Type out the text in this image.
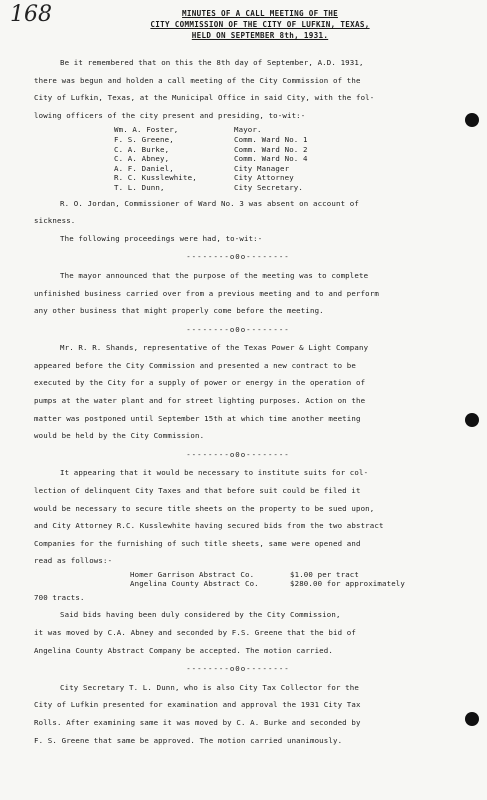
168	MINUTES OF A CALL MEETING OF THE
CITY COMMISSION OF THE CITY OF LUFKIN, TEXAS,
HELD ON SEPTEMBER 8th, 1931.

Be it remembered that on this the 8th day of September, A.D. 1931,

there was begun and holden a call meeting of the City Commission of the

City of Lufkin, Texas, at the Municipal Office in said City, with the fol-

lowing officers of the city present and presiding, to-wit:-

Wm. A. Foster,	Mayor.
F. S. Greene,	Comm. Ward No. 1
C. A. Burke,	Comm. Ward No. 2
C. A. Abney,	Comm. Ward No. 4
A. F. Daniel,	City Manager
R. C. Kusslewhite,	City Attorney
T. L. Dunn,	City Secretary.

R. O. Jordan, Commissioner of Ward No. 3 was absent on account of

sickness.

The following proceedings were had, to-wit:-

--------o0o--------

The mayor announced that the purpose of the meeting was to complete

unfinished business carried over from a previous meeting and to and perform

any other business that might properly come before the meeting.

--------o0o--------

Mr. R. R. Shands, representative of the Texas Power & Light Company

appeared before the City Commission and presented a new contract to be

executed by the City for a supply of power or energy in the operation of

pumps at the water plant and for street lighting purposes. Action on the

matter was postponed until September 15th at which time another meeting

would be held by the City Commission.

--------o0o--------

It appearing that it would be necessary to institute suits for col-

lection of delinquent City Taxes and that before suit could be filed it

would be necessary to secure title sheets on the property to be sued upon,

and City Attorney R.C. Kusslewhite having secured bids from the two abstract

Companies for the furnishing of such title sheets, same were opened and

read as follows:-

Homer Garrison Abstract Co.	$1.00 per tract
Angelina County Abstract Co.	$280.00 for approximately

700 tracts.

Said bids having been duly considered by the City Commission,

it was moved by C.A. Abney and seconded by F.S. Greene that the bid of

Angelina County Abstract Company be accepted. The motion carried.

--------o0o--------

City Secretary T. L. Dunn, who is also City Tax Collector for the

City of Lufkin presented for examination and approval the 1931 City Tax

Rolls. After examining same it was moved by C. A. Burke and seconded by

F. S. Greene that same be approved. The motion carried unanimously.
